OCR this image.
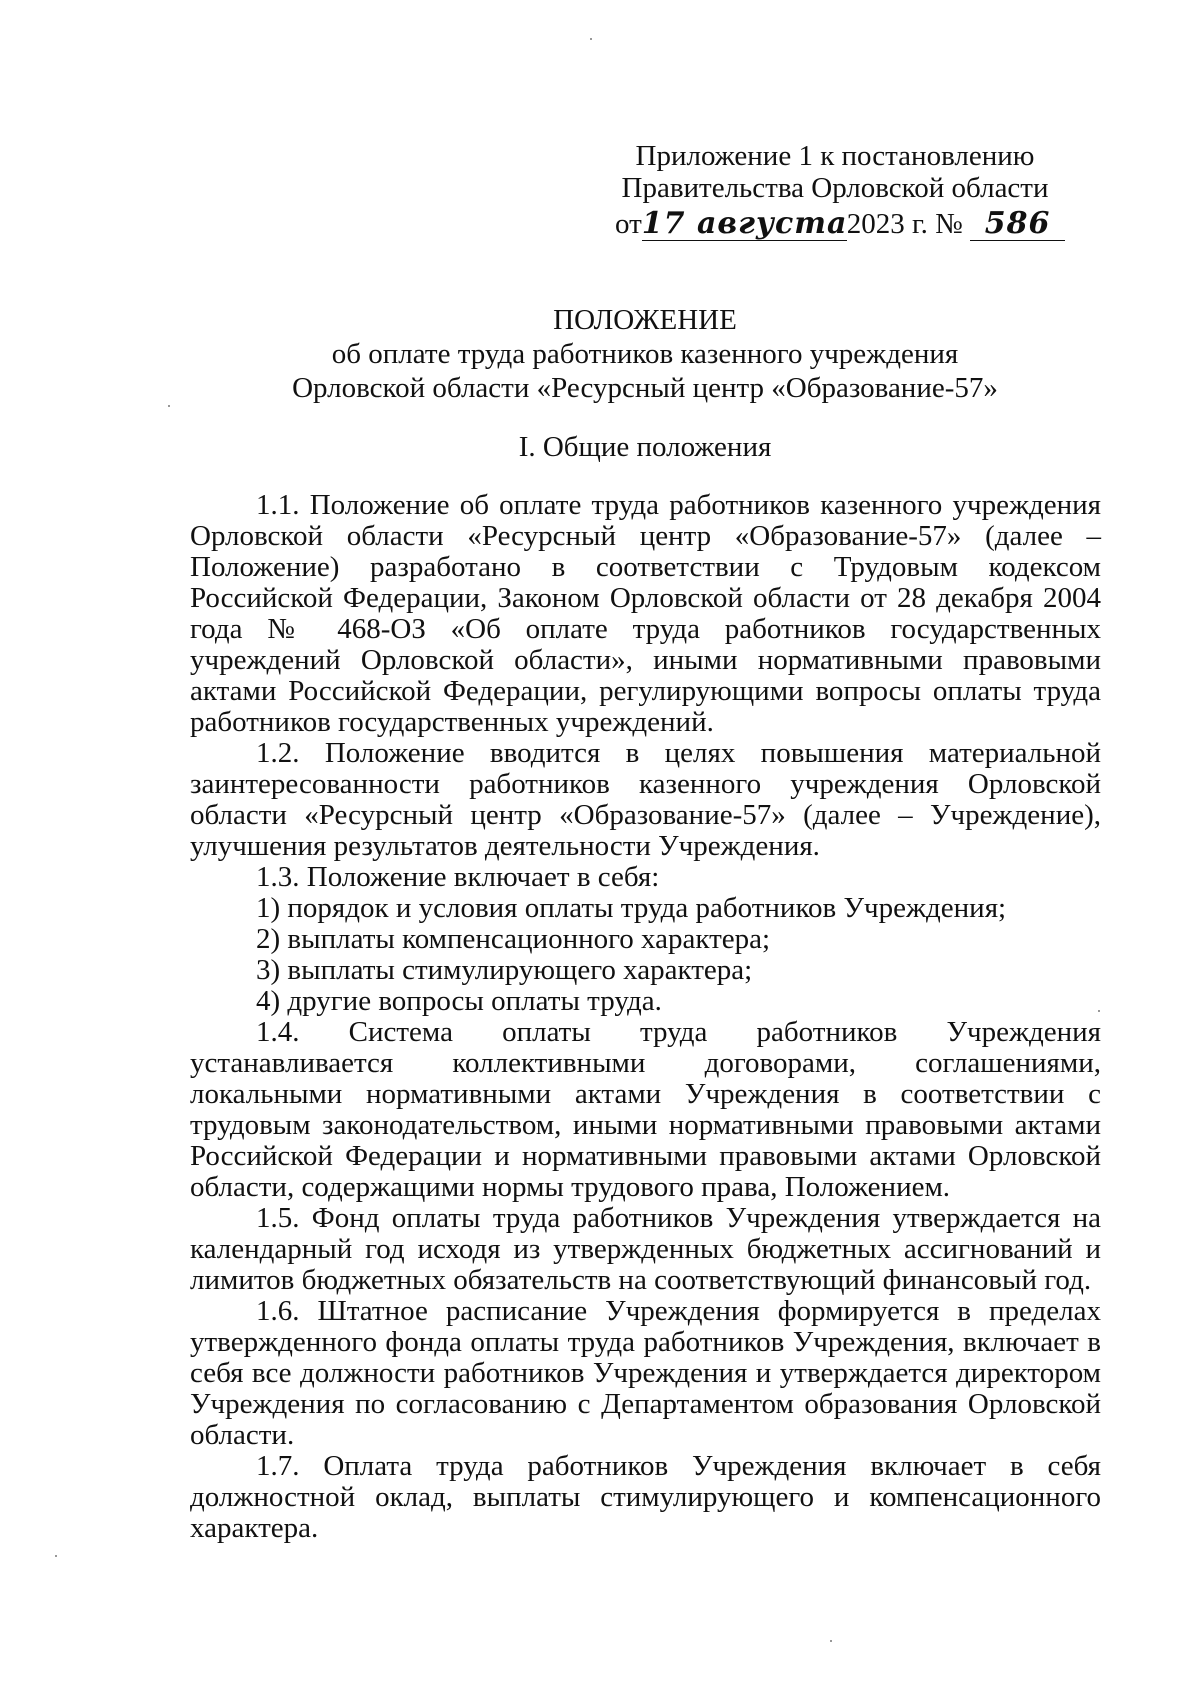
Приложение 1 к постановлению
Правительства Орловской области
от17 августа2023 г. № 586
ПОЛОЖЕНИЕ
об оплате труда работников казенного учреждения
Орловской области «Ресурсный центр «Образование-57»
I. Общие положения

1.1. Положение об оплате труда работников казенного учреждения Орловской области «Ресурсный центр «Образование-57» (далее – Положение) разработано в соответствии с Трудовым кодексом Российской Федерации, Законом Орловской области от 28 декабря 2004 года № 468-ОЗ «Об оплате труда работников государственных учреждений Орловской области», иными нормативными правовыми актами Российской Федерации, регулирующими вопросы оплаты труда работников государственных учреждений.

1.2. Положение вводится в целях повышения материальной заинтересованности работников казенного учреждения Орловской области «Ресурсный центр «Образование-57» (далее – Учреждение), улучшения результатов деятельности Учреждения.

1.3. Положение включает в себя:

1) порядок и условия оплаты труда работников Учреждения;

2) выплаты компенсационного характера;

3) выплаты стимулирующего характера;

4) другие вопросы оплаты труда.

1.4. Система оплаты труда работников Учреждения устанавливается коллективными договорами, соглашениями, локальными нормативными актами Учреждения в соответствии с трудовым законодательством, иными нормативными правовыми актами Российской Федерации и нормативными правовыми актами Орловской области, содержащими нормы трудового права, Положением.

1.5. Фонд оплаты труда работников Учреждения утверждается на календарный год исходя из утвержденных бюджетных ассигнований и лимитов бюджетных обязательств на соответствующий финансовый год.

1.6. Штатное расписание Учреждения формируется в пределах утвержденного фонда оплаты труда работников Учреждения, включает в себя все должности работников Учреждения и утверждается директором Учреждения по согласованию с Департаментом образования Орловской области.

1.7. Оплата труда работников Учреждения включает в себя должностной оклад, выплаты стимулирующего и компенсационного характера.
